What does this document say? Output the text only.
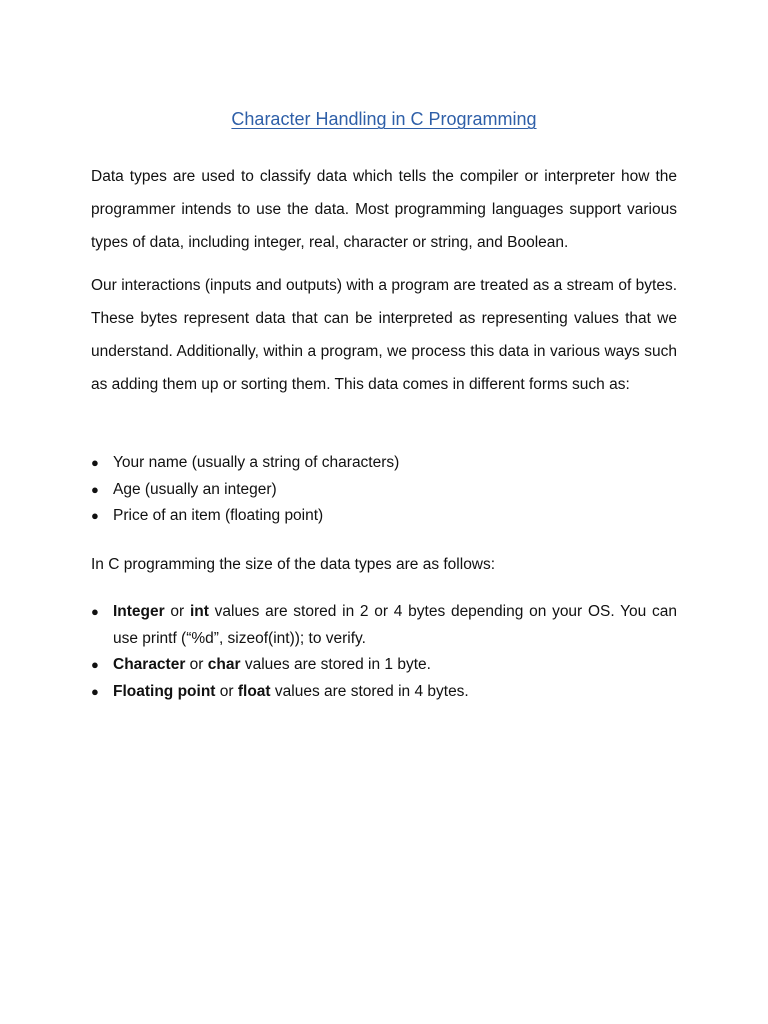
Character Handling in C Programming

Data types are used to classify data which tells the compiler or interpreter how the programmer intends to use the data. Most programming languages support various types of data, including integer, real, character or string, and Boolean.

Our interactions (inputs and outputs) with a program are treated as a stream of bytes. These bytes represent data that can be interpreted as representing values that we understand. Additionally, within a program, we process this data in various ways such as adding them up or sorting them. This data comes in different forms such as:

● Your name (usually a string of characters)
● Age (usually an integer)
● Price of an item (floating point)

In C programming the size of the data types are as follows:

● Integer or int values are stored in 2 or 4 bytes depending on your OS. You can use printf (“%d”, sizeof(int)); to verify.
● Character or char values are stored in 1 byte.
● Floating point or float values are stored in 4 bytes.
